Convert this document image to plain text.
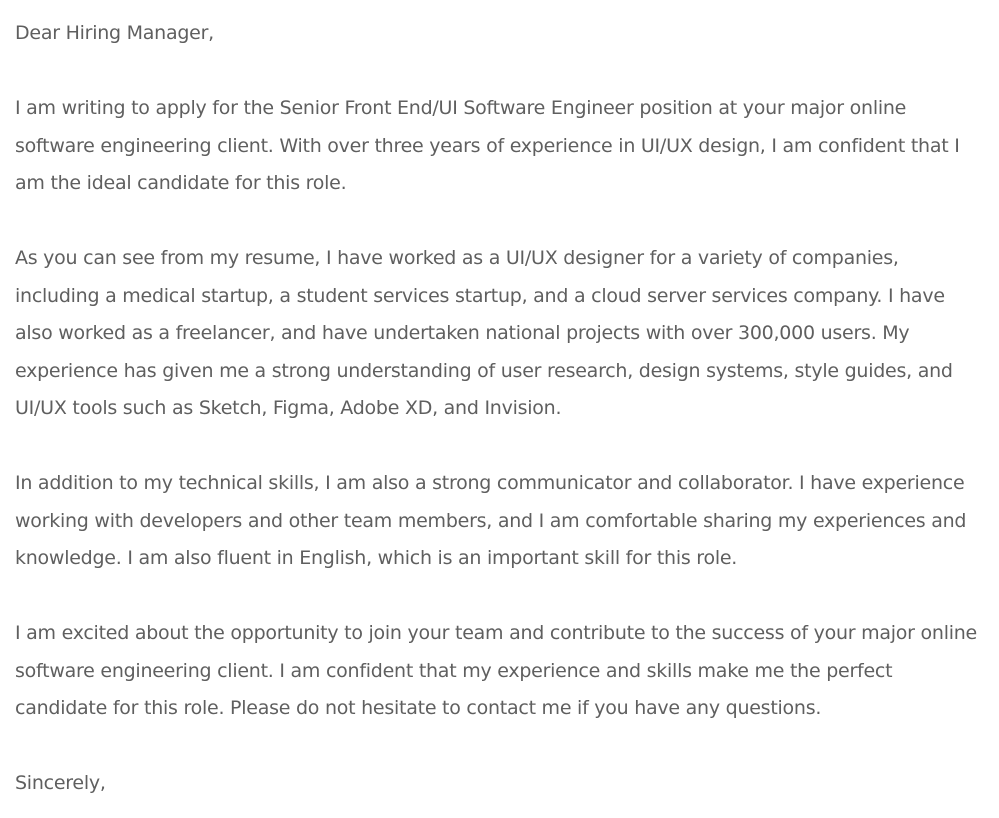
Dear Hiring Manager,

I am writing to apply for the Senior Front End/UI Software Engineer position at your major online software engineering client. With over three years of experience in UI/UX design, I am confident that I am the ideal candidate for this role.

As you can see from my resume, I have worked as a UI/UX designer for a variety of companies, including a medical startup, a student services startup, and a cloud server services company. I have also worked as a freelancer, and have undertaken national projects with over 300,000 users. My experience has given me a strong understanding of user research, design systems, style guides, and UI/UX tools such as Sketch, Figma, Adobe XD, and Invision.

In addition to my technical skills, I am also a strong communicator and collaborator. I have experience working with developers and other team members, and I am comfortable sharing my experiences and knowledge. I am also fluent in English, which is an important skill for this role.

I am excited about the opportunity to join your team and contribute to the success of your major online software engineering client. I am confident that my experience and skills make me the perfect candidate for this role. Please do not hesitate to contact me if you have any questions.

Sincerely,
